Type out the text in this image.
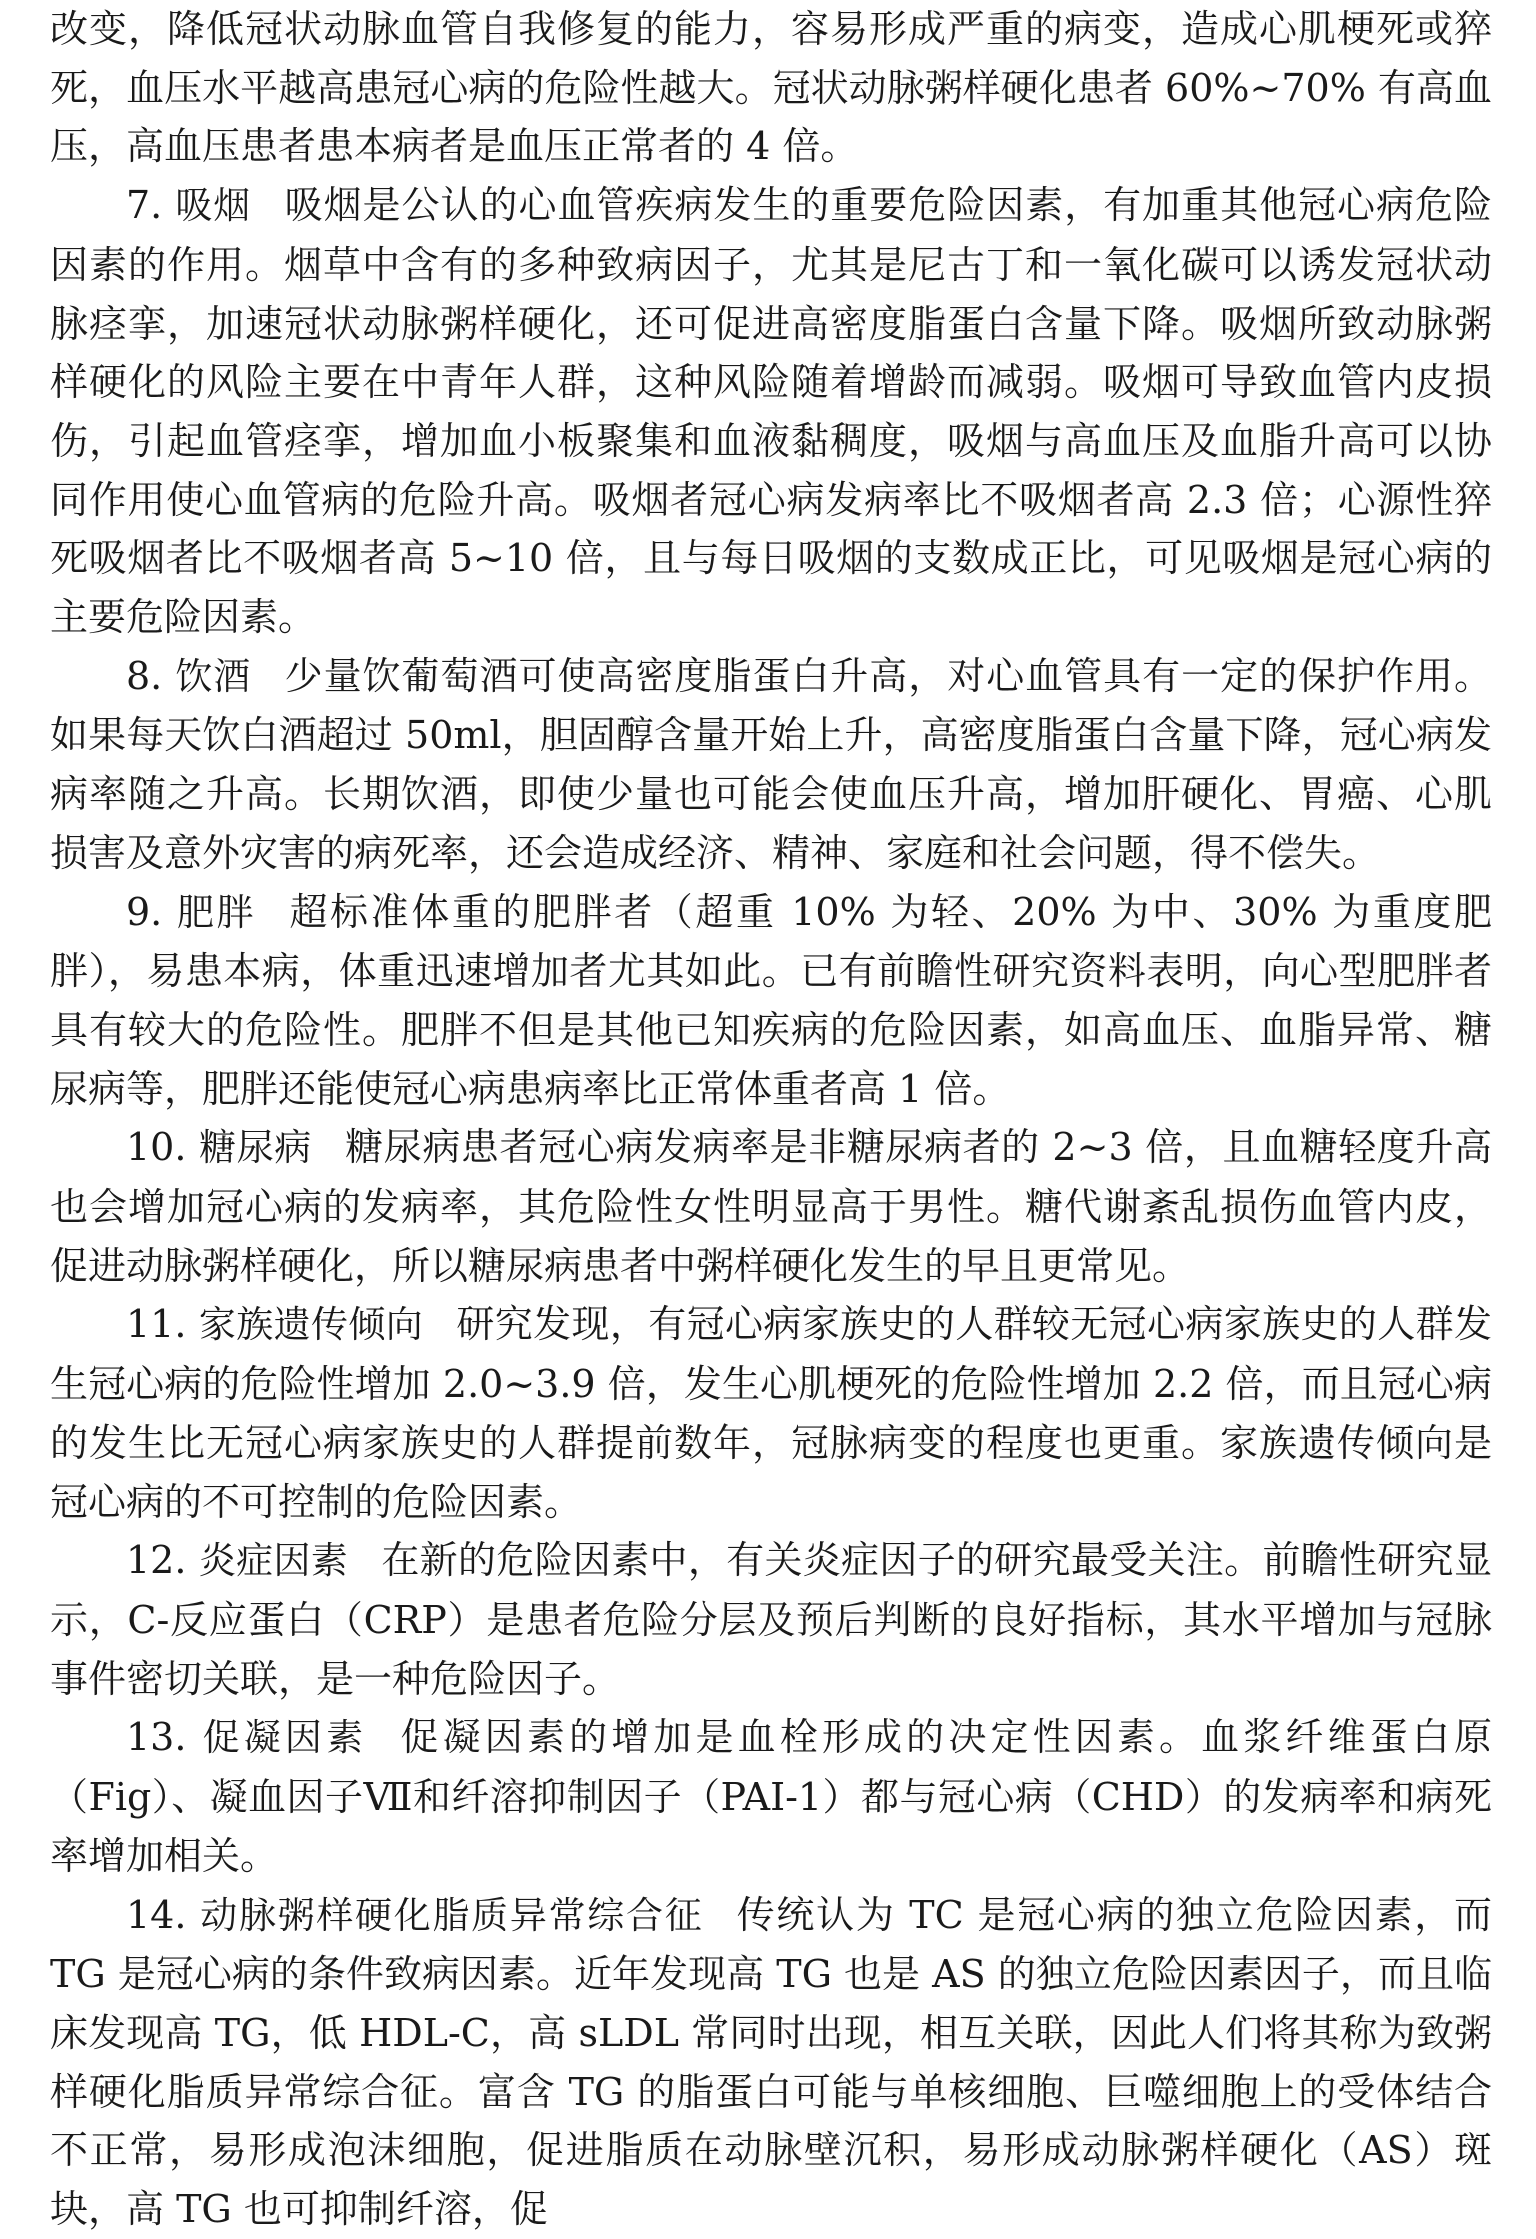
改变，降低冠状动脉血管自我修复的能力，容易形成严重的病变，造成心肌梗死或猝死，血压水平越高患冠心病的危险性越大。冠状动脉粥样硬化患者 60%~70% 有高血压，高血压患者患本病者是血压正常者的 4 倍。

7. 吸烟 吸烟是公认的心血管疾病发生的重要危险因素，有加重其他冠心病危险因素的作用。烟草中含有的多种致病因子，尤其是尼古丁和一氧化碳可以诱发冠状动脉痉挛，加速冠状动脉粥样硬化，还可促进高密度脂蛋白含量下降。吸烟所致动脉粥样硬化的风险主要在中青年人群，这种风险随着增龄而减弱。吸烟可导致血管内皮损伤，引起血管痉挛，增加血小板聚集和血液黏稠度，吸烟与高血压及血脂升高可以协同作用使心血管病的危险升高。吸烟者冠心病发病率比不吸烟者高 2.3 倍；心源性猝死吸烟者比不吸烟者高 5~10 倍，且与每日吸烟的支数成正比，可见吸烟是冠心病的主要危险因素。

8. 饮酒 少量饮葡萄酒可使高密度脂蛋白升高，对心血管具有一定的保护作用。如果每天饮白酒超过 50ml，胆固醇含量开始上升，高密度脂蛋白含量下降，冠心病发病率随之升高。长期饮酒，即使少量也可能会使血压升高，增加肝硬化、胃癌、心肌损害及意外灾害的病死率，还会造成经济、精神、家庭和社会问题，得不偿失。

9. 肥胖 超标准体重的肥胖者（超重 10% 为轻、20% 为中、30% 为重度肥胖），易患本病，体重迅速增加者尤其如此。已有前瞻性研究资料表明，向心型肥胖者具有较大的危险性。肥胖不但是其他已知疾病的危险因素，如高血压、血脂异常、糖尿病等，肥胖还能使冠心病患病率比正常体重者高 1 倍。

10. 糖尿病 糖尿病患者冠心病发病率是非糖尿病者的 2~3 倍，且血糖轻度升高也会增加冠心病的发病率，其危险性女性明显高于男性。糖代谢紊乱损伤血管内皮，促进动脉粥样硬化，所以糖尿病患者中粥样硬化发生的早且更常见。

11. 家族遗传倾向 研究发现，有冠心病家族史的人群较无冠心病家族史的人群发生冠心病的危险性增加 2.0~3.9 倍，发生心肌梗死的危险性增加 2.2 倍，而且冠心病的发生比无冠心病家族史的人群提前数年，冠脉病变的程度也更重。家族遗传倾向是冠心病的不可控制的危险因素。

12. 炎症因素 在新的危险因素中，有关炎症因子的研究最受关注。前瞻性研究显示，C-反应蛋白（CRP）是患者危险分层及预后判断的良好指标，其水平增加与冠脉事件密切关联，是一种危险因子。

13. 促凝因素 促凝因素的增加是血栓形成的决定性因素。血浆纤维蛋白原（Fig）、凝血因子Ⅶ和纤溶抑制因子（PAI-1）都与冠心病（CHD）的发病率和病死率增加相关。

14. 动脉粥样硬化脂质异常综合征 传统认为 TC 是冠心病的独立危险因素，而 TG 是冠心病的条件致病因素。近年发现高 TG 也是 AS 的独立危险因素因子，而且临床发现高 TG，低 HDL-C，高 sLDL 常同时出现，相互关联，因此人们将其称为致粥样硬化脂质异常综合征。富含 TG 的脂蛋白可能与单核细胞、巨噬细胞上的受体结合不正常，易形成泡沫细胞，促进脂质在动脉壁沉积，易形成动脉粥样硬化（AS）斑块，高 TG 也可抑制纤溶，促
